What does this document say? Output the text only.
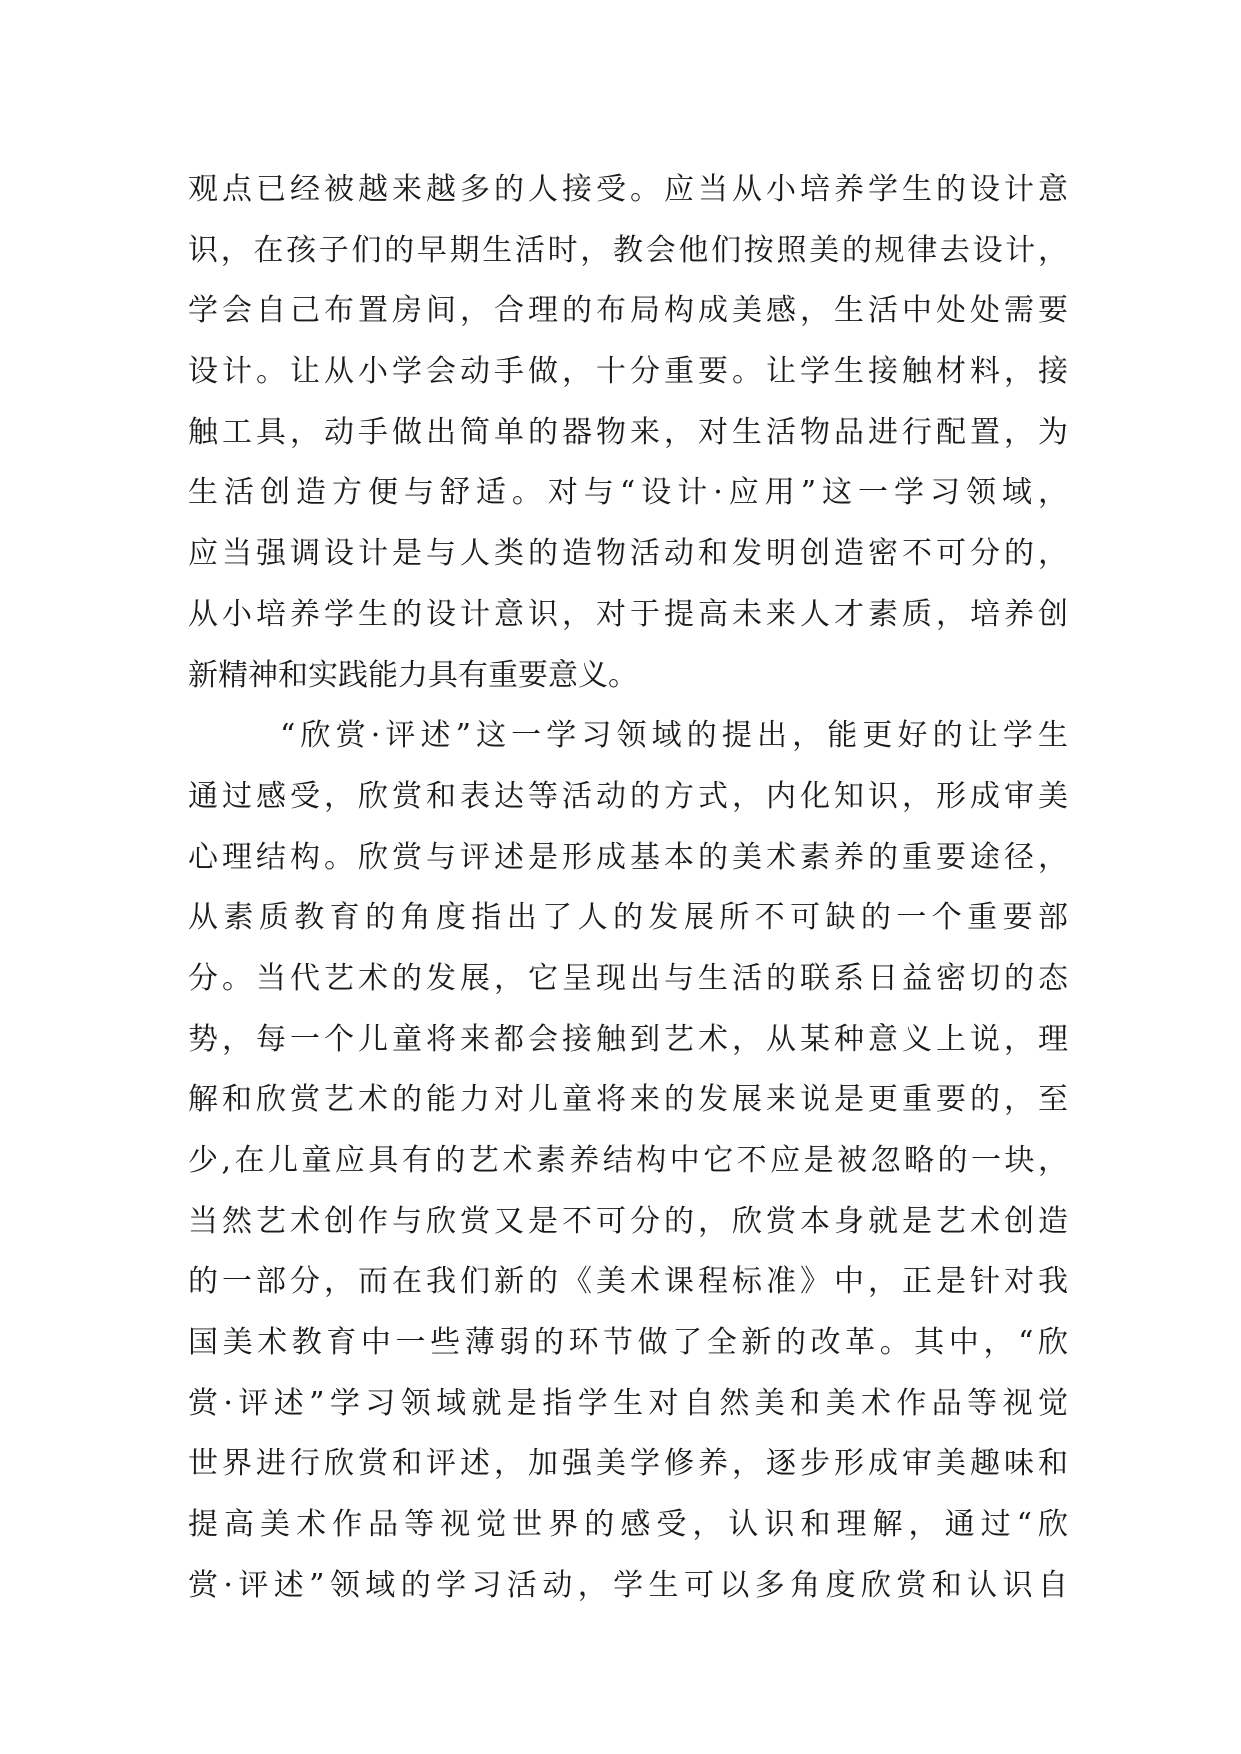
观点已经被越来越多的人接受。应当从小培养学生的设计意
识，在孩子们的早期生活时，教会他们按照美的规律去设计，
学会自己布置房间，合理的布局构成美感，生活中处处需要
设计。让从小学会动手做，十分重要。让学生接触材料，接
触工具，动手做出简单的器物来，对生活物品进行配置，为
生活创造方便与舒适。对与“设计·应用”这一学习领域，
应当强调设计是与人类的造物活动和发明创造密不可分的，
从小培养学生的设计意识，对于提高未来人才素质，培养创
新精神和实践能力具有重要意义。
“欣赏·评述”这一学习领域的提出，能更好的让学生
通过感受，欣赏和表达等活动的方式，内化知识，形成审美
心理结构。欣赏与评述是形成基本的美术素养的重要途径，
从素质教育的角度指出了人的发展所不可缺的一个重要部
分。当代艺术的发展，它呈现出与生活的联系日益密切的态
势，每一个儿童将来都会接触到艺术，从某种意义上说，理
解和欣赏艺术的能力对儿童将来的发展来说是更重要的，至
少,在儿童应具有的艺术素养结构中它不应是被忽略的一块，
当然艺术创作与欣赏又是不可分的，欣赏本身就是艺术创造
的一部分，而在我们新的《美术课程标准》中，正是针对我
国美术教育中一些薄弱的环节做了全新的改革。其中，“欣
赏·评述”学习领域就是指学生对自然美和美术作品等视觉
世界进行欣赏和评述，加强美学修养，逐步形成审美趣味和
提高美术作品等视觉世界的感受，认识和理解，通过“欣
赏·评述”领域的学习活动，学生可以多角度欣赏和认识自
